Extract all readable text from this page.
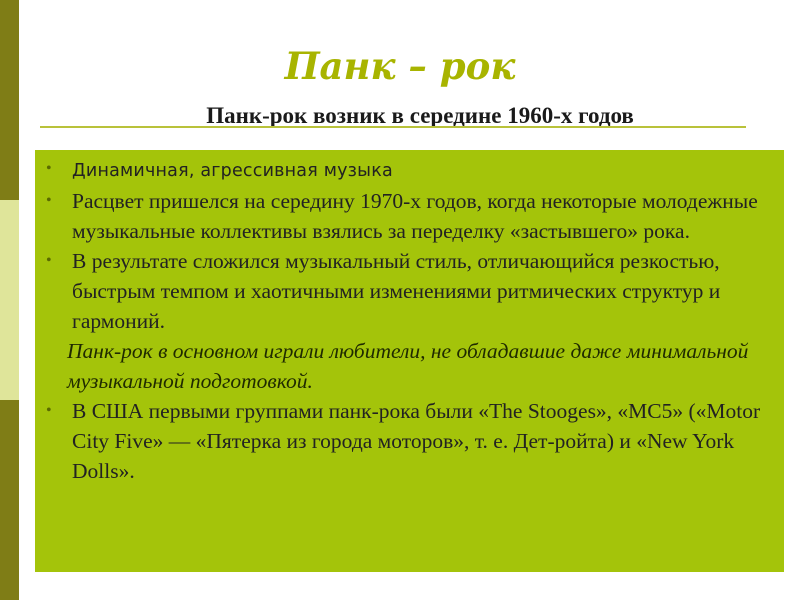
Панк – рок
Панк-рок возник в середине 1960-х годов
• Динамичная, агрессивная музыка
• Расцвет пришелся на середину 1970-х годов, когда некоторые молодежные музыкальные коллективы взялись за переделку «застывшего» рока.
• В результате сложился музыкальный стиль, отличающийся резкостью, быстрым темпом и хаотичными изменениями ритмических структур и гармоний.
Панк-рок в основном играли любители, не обладавшие даже минимальной музыкальной подготовкой.
• В США первыми группами панк-рока были «The Stooges», «MC5» («Motor City Five» — «Пятерка из города моторов», т. е. Дет-ройта) и «New York Dolls».
